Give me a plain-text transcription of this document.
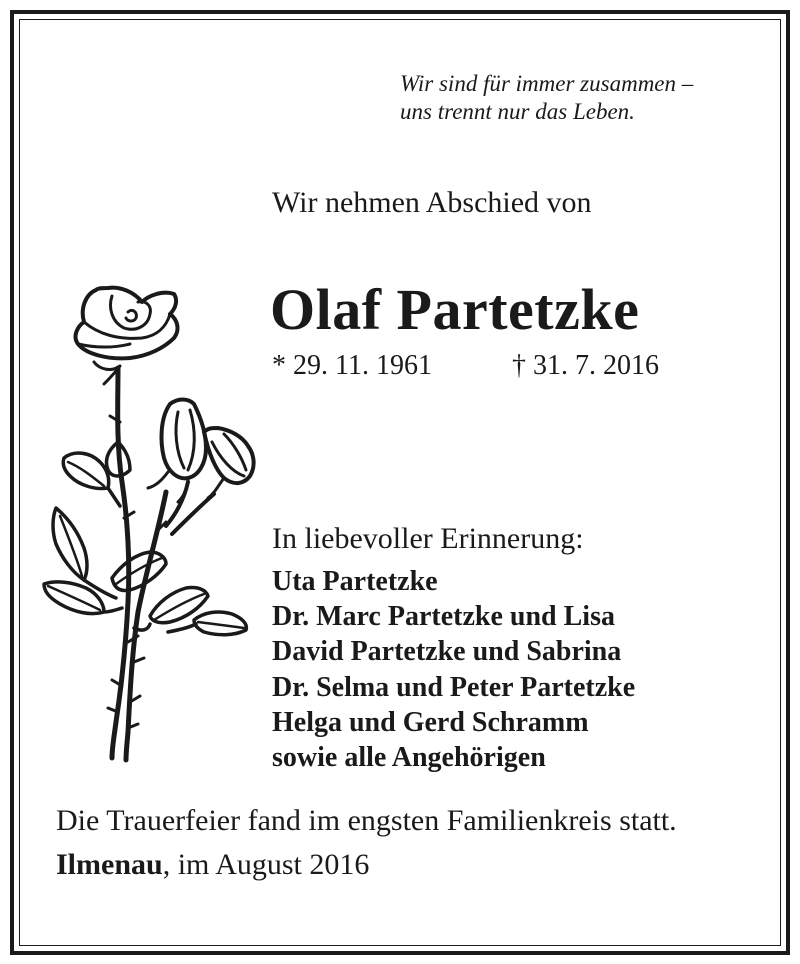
Wir sind für immer zusammen –
uns trennt nur das Leben.
Wir nehmen Abschied von
Olaf Partetzke
* 29. 11. 1961	† 31. 7. 2016
In liebevoller Erinnerung:
Uta Partetzke
Dr. Marc Partetzke und Lisa
David Partetzke und Sabrina
Dr. Selma und Peter Partetzke
Helga und Gerd Schramm
sowie alle Angehörigen
Die Trauerfeier fand im engsten Familienkreis statt.
Ilmenau, im August 2016
